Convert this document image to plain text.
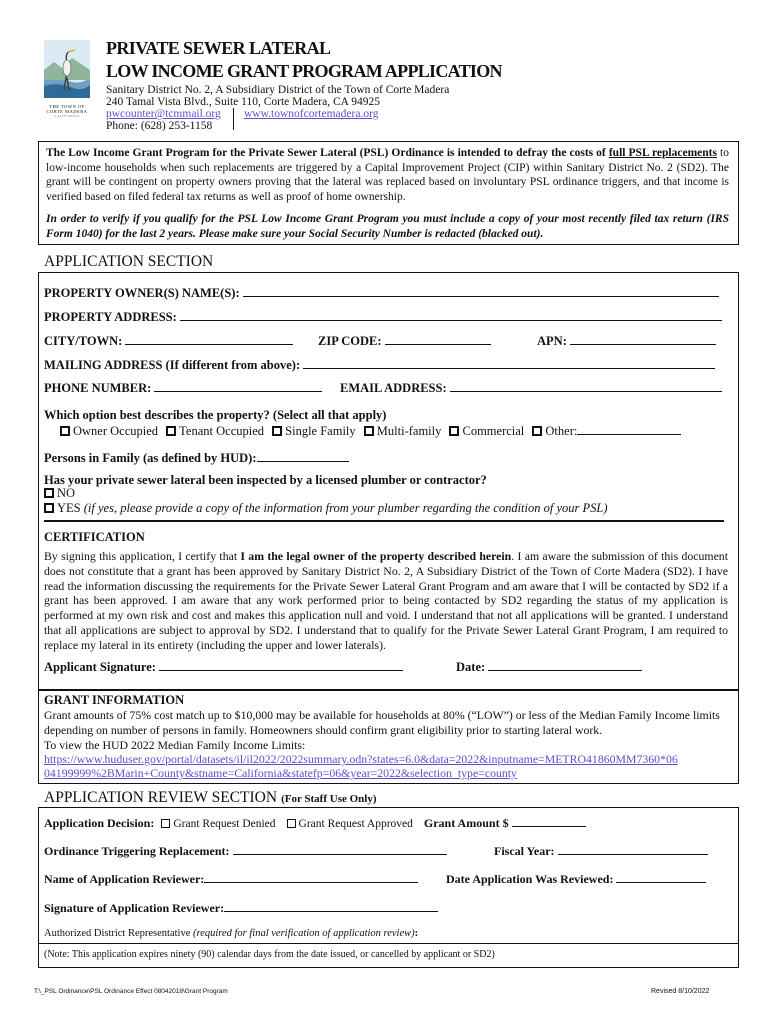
THE TOWN OF
CORTE MADERA
CALIFORNIA
PRIVATE SEWER LATERAL
LOW INCOME GRANT PROGRAM APPLICATION
Sanitary District No. 2, A Subsidiary District of the Town of Corte Madera
240 Tamal Vista Blvd., Suite 110, Corte Madera, CA 94925
pwcounter@tcmmail.org www.townofcortemadera.org
Phone: (628) 253-1158
The Low Income Grant Program for the Private Sewer Lateral (PSL) Ordinance is intended to defray the costs of full PSL replacements to low-income households when such replacements are triggered by a Capital Improvement Project (CIP) within Sanitary District No. 2 (SD2). The grant will be contingent on property owners proving that the lateral was replaced based on involuntary PSL ordinance triggers, and that income is verified based on filed federal tax returns as well as proof of home ownership.
In order to verify if you qualify for the PSL Low Income Grant Program you must include a copy of your most recently filed tax return (IRS Form 1040) for the last 2 years. Please make sure your Social Security Number is redacted (blacked out).
APPLICATION SECTION
PROPERTY OWNER(S) NAME(S):
PROPERTY ADDRESS:
CITY/TOWN:	ZIP CODE:	APN:
MAILING ADDRESS (If different from above):
PHONE NUMBER:	EMAIL ADDRESS:
Which option best describes the property? (Select all that apply)
Owner Occupied Tenant Occupied Single Family Multi-family Commercial Other:
Persons in Family (as defined by HUD):
Has your private sewer lateral been inspected by a licensed plumber or contractor?
NO
YES (if yes, please provide a copy of the information from your plumber regarding the condition of your PSL)
CERTIFICATION
By signing this application, I certify that I am the legal owner of the property described herein. I am aware the submission of this document does not constitute that a grant has been approved by Sanitary District No. 2, A Subsidiary District of the Town of Corte Madera (SD2). I have read the information discussing the requirements for the Private Sewer Lateral Grant Program and am aware that I will be contacted by SD2 if a grant has been approved. I am aware that any work performed prior to being contacted by SD2 regarding the status of my application is performed at my own risk and cost and makes this application null and void. I understand that not all applications will be granted. I understand that all applications are subject to approval by SD2. I understand that to qualify for the Private Sewer Lateral Grant Program, I am required to replace my lateral in its entirety (including the upper and lower laterals).
Applicant Signature:	Date:
GRANT INFORMATION
Grant amounts of 75% cost match up to $10,000 may be available for households at 80% (“LOW”) or less of the Median Family Income limits depending on number of persons in family. Homeowners should confirm grant eligibility prior to starting lateral work.
To view the HUD 2022 Median Family Income Limits:
https://www.huduser.gov/portal/datasets/il/il2022/2022summary.odn?states=6.0&data=2022&inputname=METRO41860MM7360*06
04199999%2BMarin+County&stname=California&statefp=06&year=2022&selection_type=county
APPLICATION REVIEW SECTION (For Staff Use Only)
Application Decision: Grant Request Denied Grant Request Approved Grant Amount $
Ordinance Triggering Replacement:	Fiscal Year:
Name of Application Reviewer:	Date Application Was Reviewed:
Signature of Application Reviewer:
Authorized District Representative (required for final verification of application review):
(Note: This application expires ninety (90) calendar days from the date issued, or cancelled by applicant or SD2)
T:\_PSL Ordinance\PSL Ordinance Effect 08042018\Grant Program	Revised 8/10/2022
